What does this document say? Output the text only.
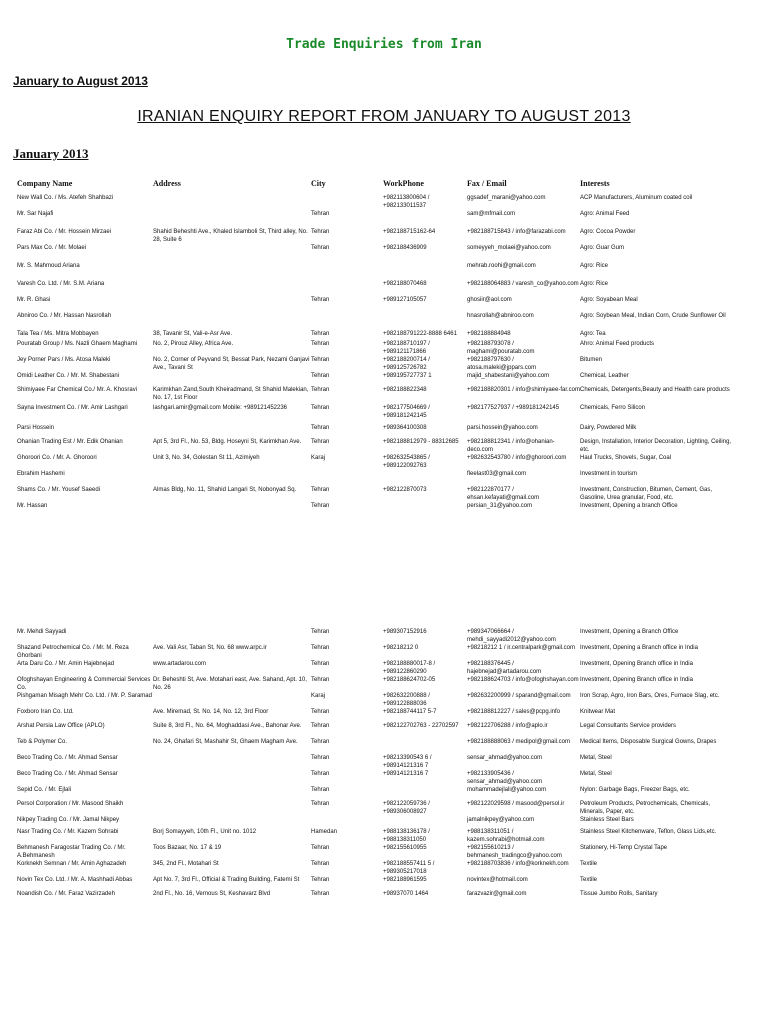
Trade Enquiries from Iran
January to August 2013
IRANIAN ENQUIRY REPORT FROM JANUARY TO AUGUST 2013
January 2013
Company Name	Address	City	WorkPhone	Fax / Email	Interests
New Wall Co. / Ms. Atefeh Shahbazi			+982113800604 / +982133011537	ggsadef_marani@yahoo.com	ACP Manufacturers, Aluminum coated coil
Mr. Sar Najafi		Tehran		sam@mfmail.com	Agro: Animal Feed
Faraz Abi Co. / Mr. Hossein Mirzaei	Shahid Beheshti Ave., Khaled Islamboli St, Third alley, No. 28, Suite 6	Tehran	+982188715162-64	+982188715843 / info@farazabi.com	Agro: Cocoa Powder
Pars Max Co. / Mr. Molaei		Tehran	+982188436909	someyyeh_molaei@yahoo.com	Agro: Guar Gum
Mr. S. Mahmoud Ariana				mehrab.roohi@gmail.com	Agro: Rice
Varesh Co. Ltd. / Mr. S.M. Ariana			+982188070468	+982188064883 / varesh_co@yahoo.com	Agro: Rice
Mr. R. Ghasi		Tehran	+989127105057	ghosiir@aol.com	Agro: Soyabean Meal
Abniroo Co. / Mr. Hassan Nasrollah				hnasrollah@abniroo.com	Agro: Soybean Meal, Indian Corn, Crude Sunflower Oil
Tala Tea / Ms. Mitra Mobbayen	38, Tavanir St, Vali-e-Asr Ave.	Tehran	+982188791222-8888 6461	+982188884948	Agro: Tea
Pouratab Group / Ms. Nazli Ghaem Maghami	No. 2, Pirouz Alley, Africa Ave.	Tehran	+982188710197 / +989121171866	+982188793078 / maghami@pouratab.com	Ahro: Animal Feed products
Jey Porner Pars / Ms. Atosa Maleki	No. 2, Corner of Peyvand St, Bessat Park, Nezami Ganjavi Ave., Tavani St	Tehran	+982188200714 / +989125726782	+982188797630 / atosa.maleki@jppars.com	Bitumen
Omidi Leather Co. / Mr. M. Shabestani		Tehran	+989195727737 1	majid_shabestani@yahoo.com	Chemical, Leather
Shimiyaee Far Chemical Co./ Mr. A. Khosravi	Karimkhan Zand,South Kheiradmand, St Shahid Malekian, No. 17, 1st Floor	Tehran	+982188822348	+982188820301 / info@shimiyaee-far.com	Chemicals, Detergents,Beauty and Health care products
Sayna Investment Co. / Mr. Amir Lashgari	lashgari.amir@gmail.com Mobile: +989121452236	Tehran	+982177504669 / +989181242145	+982177527937 / +989181242145	Chemicals, Ferro Silicon
Parsi Hossein		Tehran	+989364100308	parsi.hossein@yahoo.com	Dairy, Powdered Milk
Ohanian Trading Est / Mr. Edik Ohanian	Apt 5, 3rd Fl., No. 53, Bldg. Hoseyni St, Karimkhan Ave.	Tehran	+982188812979 - 88312685	+982188812341 / info@ohanian-deco.com	Design, Installation, Interior Decoration, Lighting, Ceiling, etc.
Ghoroori Co. / Mr. A. Ghoroori	Unit 3, No. 34, Golestan St 11, Azimiyeh	Karaj	+982632543865 / +989122092763	+982632543780 / info@ghoroori.com	Haul Trucks, Shovels, Sugar, Coal
Ebrahim Hashemi				fleelast03@gmail.com	Investment in tourism
Shams Co. / Mr. Yousef Saeedi	Almas Bldg, No. 11, Shahid Langari St, Nobonyad Sq.	Tehran	+982122870073	+982122870177 / ehsan.kefayati@gmail.com	Investment, Construction, Bitumen, Cement, Gas, Gasoline, Urea granular, Food, etc.
Mr. Hassan		Tehran		persian_31@yahoo.com	Investment, Opening a branch Office
Mr. Mehdi Sayyadi		Tehran	+989307152916	+989347066664 / mehdi_sayyadi2012@yahoo.com	Investment, Opening a Branch Office
Shazand Petrochemical Co. / Mr. M. Reza Ghorbani	Ave. Vali Asr, Taban St, No. 68 www.arpc.ir	Tehran	+98218212 0	+98218212 1 / ir.centralpark@gmail.com	Investment, Opening a Branch office in India
Arta Daru Co. / Mr. Amin Hajebnejad	www.artadarou.com	Tehran	+982188880017-8 / +989122860290	+982188376445 / hajebnejad@artadarou.com	Investment, Opening Branch office in India
Ofoghshayan Engineering & Commercial Services Co.	Dr. Beheshti St, Ave. Motahari east, Ave. Sahand, Apt. 10, No. 26	Tehran	+982188624702-05	+982188624703 / info@ofoghshayan.com	Investment, Opening Branch office in India
Pishgaman Misagh Mehr Co. Ltd. / Mr. P. Saramad		Karaj	+982632200888 / +989122888036	+982632200999 / sparand@gmail.com	Iron Scrap, Agro, Iron Bars, Ores, Furnace Slag, etc.
Foxboro Iran Co. Ltd.	Ave. Miremad, St. No. 14, No. 12, 3rd Floor	Tehran	+982188744117 5-7	+982188812227 / sales@pcpg.info	Knitwear Mat
Arshat Persia Law Office (APLO)	Suite 8, 3rd Fl., No. 64, Moghaddasi Ave., Bahonar Ave.	Tehran	+982122702763 - 22702597	+982122706288 / info@aplo.ir	Legal Consultants Service providers
Teb & Polymer Co.	No. 24, Ghafari St, Mashahir St, Ghaem Magham Ave.	Tehran		+982188888063 / medipol@gmail.com	Medical Items, Disposable Surgical Gowns, Drapes
Beco Trading Co. / Mr. Ahmad Sensar		Tehran	+98213390543 6 / +98914121316 7	sensar_ahmad@yahoo.com	Metal, Steel
Beco Trading Co. / Mr. Ahmad Sensar		Tehran	+98914121316 7	+982133905436 / sensar_ahmad@yahoo.com	Metal, Steel
Sepid Co. / Mr. Ejlali		Tehran		mohammadejlali@yahoo.com	Nylon: Garbage Bags, Freezer Bags, etc.
Persol Corporation / Mr. Masood Shaikh		Tehran	+982122059736 / +989306008927	+982122029598 / masood@persol.ir	Petroleum Products, Petrochemicals, Chemicals, Minerals, Paper, etc.
Nikpey Trading Co. / Mr. Jamal Nikpey				jamalnikpey@yahoo.com	Stainless Steel Bars
Nasr Trading Co. / Mr. Kazem Sohrabi	Borj Somayyeh, 10th Fl., Unit no. 1012	Hamedan	+988138136178 / +988138311050	+988138311051 / kazem.sohrabi@hotmail.com	Stainless Steel Kitchenware, Teflon, Glass Lids,etc.
Behmanesh Faragostar Trading Co. / Mr. A.Behmanesh	Toos Bazaar, No. 17 & 19	Tehran	+982155610955	+982155610213 / behmanesh_tradingco@yahoo.com	Stationery, Hi-Temp Crystal Tape
Korknekh Semnan / Mr. Amin Aghazadeh	345, 2nd Fl., Motahari St	Tehran	+982188557411 5 / +989305217018	+982188703836 / info@korknekh.com	Textile
Novin Tex Co. Ltd. / Mr. A. Mashhadi Abbas	Apt No. 7, 3rd Fl., Official & Trading Building, Fatemi St	Tehran	+982188961595	novintex@hotmail.com	Textile
Noandish Co. / Mr. Faraz Vazirzadeh	2nd Fl., No. 16, Vernous St, Keshavarz Blvd	Tehran	+98937070 1464	farazvazir@gmail.com	Tissue Jumbo Rolls, Sanitary
